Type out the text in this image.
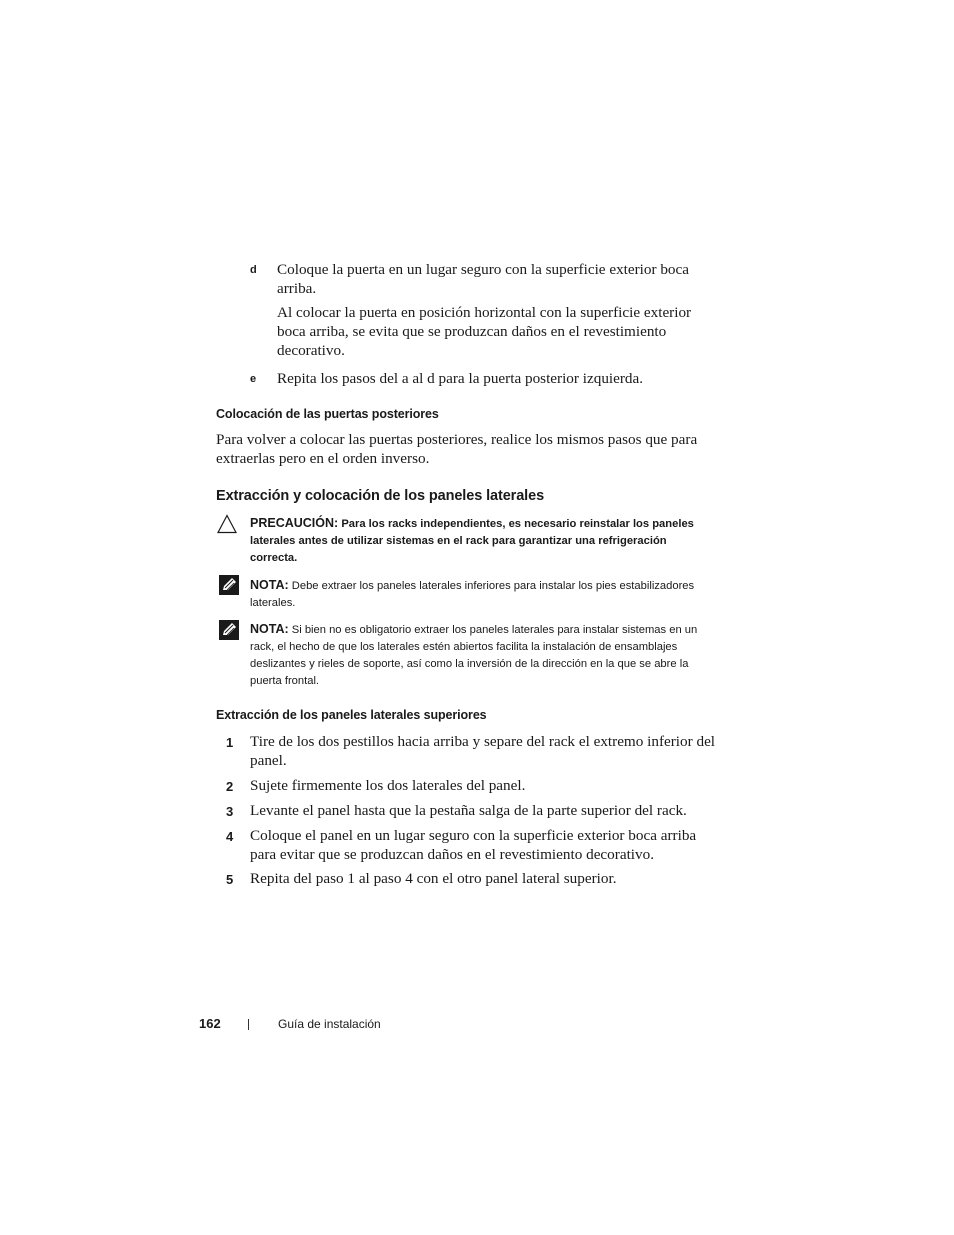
d Coloque la puerta en un lugar seguro con la superficie exterior boca arriba.
Al colocar la puerta en posición horizontal con la superficie exterior boca arriba, se evita que se produzcan daños en el revestimiento decorativo.
e Repita los pasos del a al d para la puerta posterior izquierda.
Colocación de las puertas posteriores
Para volver a colocar las puertas posteriores, realice los mismos pasos que para extraerlas pero en el orden inverso.
Extracción y colocación de los paneles laterales
PRECAUCIÓN: Para los racks independientes, es necesario reinstalar los paneles laterales antes de utilizar sistemas en el rack para garantizar una refrigeración correcta.
NOTA: Debe extraer los paneles laterales inferiores para instalar los pies estabilizadores laterales.
NOTA: Si bien no es obligatorio extraer los paneles laterales para instalar sistemas en un rack, el hecho de que los laterales estén abiertos facilita la instalación de ensamblajes deslizantes y rieles de soporte, así como la inversión de la dirección en la que se abre la puerta frontal.
Extracción de los paneles laterales superiores
1 Tire de los dos pestillos hacia arriba y separe del rack el extremo inferior del panel.
2 Sujete firmemente los dos laterales del panel.
3 Levante el panel hasta que la pestaña salga de la parte superior del rack.
4 Coloque el panel en un lugar seguro con la superficie exterior boca arriba para evitar que se produzcan daños en el revestimiento decorativo.
5 Repita del paso 1 al paso 4 con el otro panel lateral superior.
162	Guía de instalación
